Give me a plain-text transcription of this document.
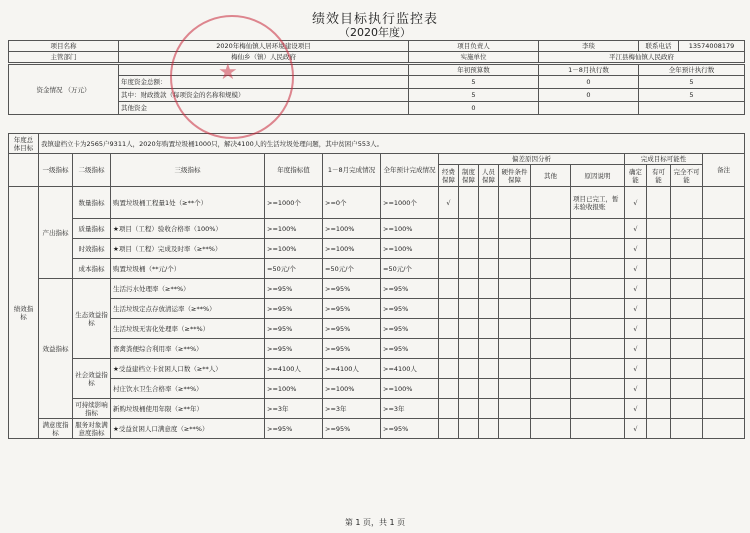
绩效目标执行监控表
（2020年度）
项目名称	2020年梅仙镇人居环境建设项目	项目负责人	李琰	联系电话	13574008179
主管部门	梅仙乡（镇）人民政府	实施单位	平江县梅仙镇人民政府		
资金情况 （万元）		年初预算数	1－8月执行数	全年预计执行数
	年度资金总额：	5	0	5
	其中：财政拨款（每项资金的名称和规模）	5	0	5
	其他资金	0		
年度总体目标	我镇建档立卡为2565户9311人，2020年购置垃圾桶1000只，解决4100人的生活垃圾处理问题，其中贫困户553人。															
	一级指标	二级指标	三级指标	年度指标值	1－8月完成情况	全年预计完成情况	偏差原因分析						完成目标可能性			备注
							经费保障	制度保障	人员保障	硬件条件保障	其他	原因说明	确定能	有可能	完全不可能	
绩效指标	产出指标	数量指标	购置垃圾桶工程量1处（≥**个）	>=1000个	>=0个	>=1000个	√					项目已完工，暂未验收报账	√			
		质量指标	★项目（工程）验收合格率（100%）	>=100%	>=100%	>=100%							√			
		时效指标	★项目（工程）完成及时率（≥**%）	>=100%	>=100%	>=100%							√			
		成本指标	购置垃圾桶（**元/个）	=50元/个	=50元/个	=50元/个							√			
	效益指标	生态效益指标	生活污水处理率（≥**%）	>=95%	>=95%	>=95%							√			
			生活垃圾定点存放清运率（≥**%）	>=95%	>=95%	>=95%							√			
			生活垃圾无害化处理率（≥**%）	>=95%	>=95%	>=95%							√			
			畜禽粪便综合利用率（≥**%）	>=95%	>=95%	>=95%							√			
		社会效益指标	★受益建档立卡贫困人口数（≥**人）	>=4100人	>=4100人	>=4100人							√			
			村庄饮水卫生合格率（≥**%）	>=100%	>=100%	>=100%							√			
		可持续影响指标	新购垃圾桶使用年限（≥**年）	>=3年	>=3年	>=3年							√			
	满意度指标	服务对象满意度指标	★受益贫困人口满意度（≥**%）	>=95%	>=95%	>=95%							√			
★
第 1 页，共 1 页
